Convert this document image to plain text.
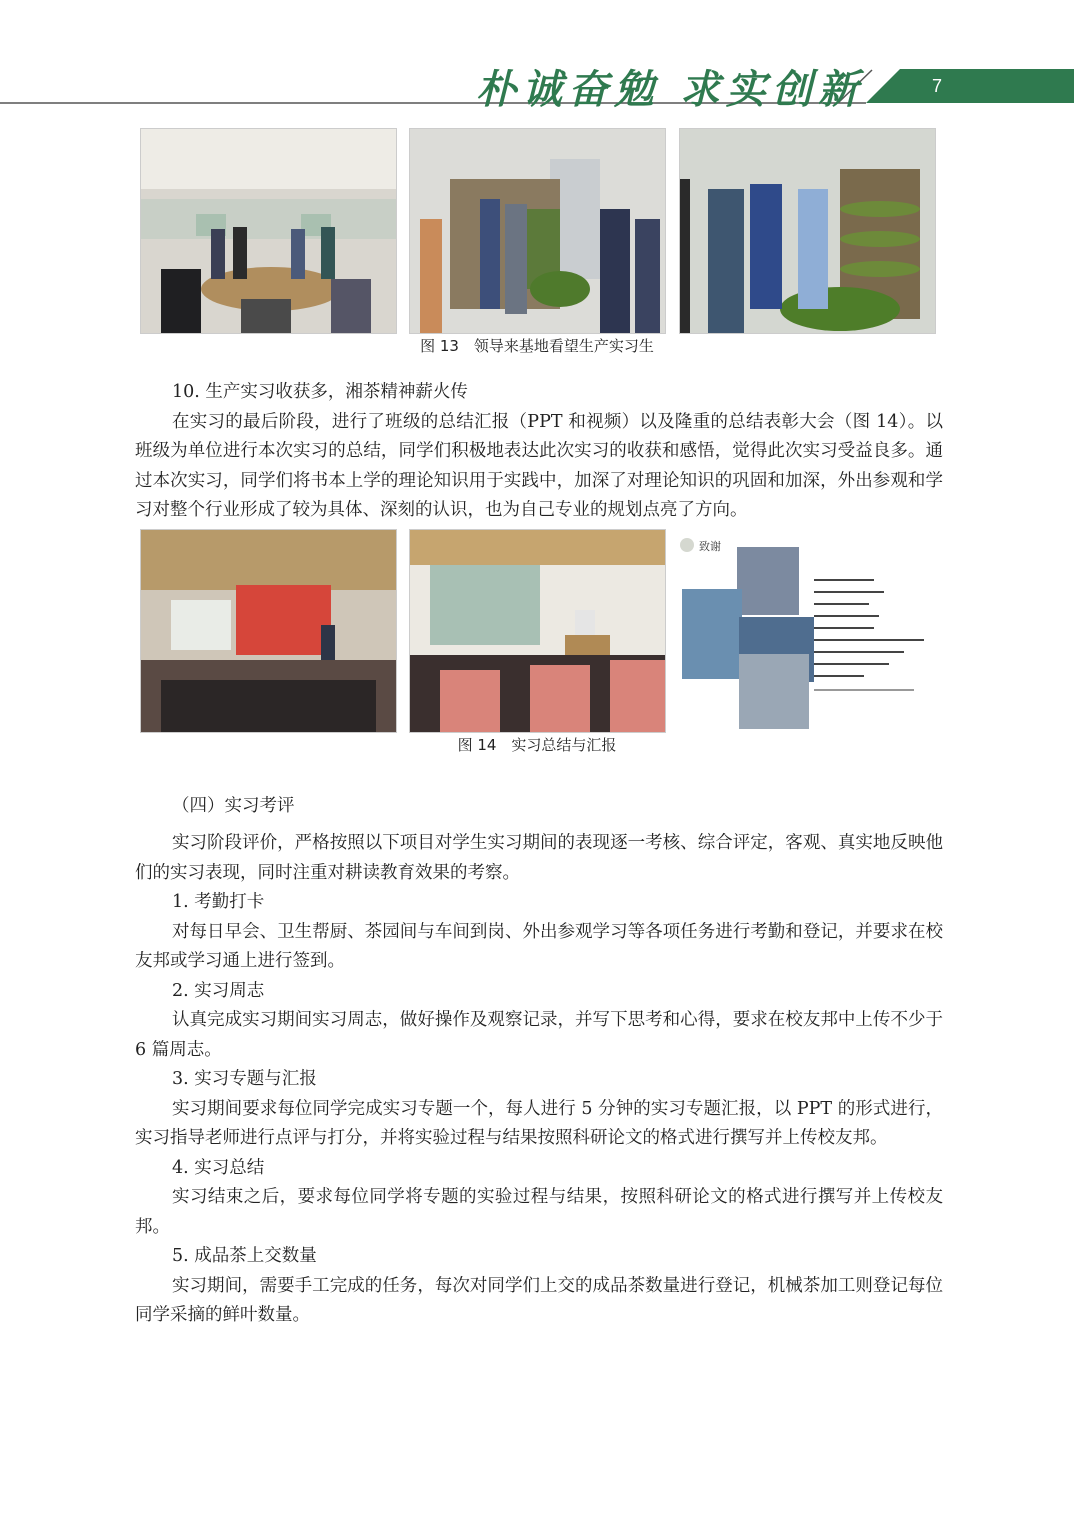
朴诚奋勉 求实创新	7
图 13　领导来基地看望生产实习生

10. 生产实习收获多，湘茶精神薪火传

在实习的最后阶段，进行了班级的总结汇报（PPT 和视频）以及隆重的总结表彰大会（图 14）。以班级为单位进行本次实习的总结，同学们积极地表达此次实习的收获和感悟，觉得此次实习受益良多。通过本次实习，同学们将书本上学的理论知识用于实践中，加深了对理论知识的巩固和加深，外出参观和学习对整个行业形成了较为具体、深刻的认识，也为自己专业的规划点亮了方向。

致谢
图 14　实习总结与汇报
（四）实习考评

实习阶段评价，严格按照以下项目对学生实习期间的表现逐一考核、综合评定，客观、真实地反映他们的实习表现，同时注重对耕读教育效果的考察。

1. 考勤打卡

对每日早会、卫生帮厨、茶园间与车间到岗、外出参观学习等各项任务进行考勤和登记，并要求在校友邦或学习通上进行签到。

2. 实习周志

认真完成实习期间实习周志，做好操作及观察记录，并写下思考和心得，要求在校友邦中上传不少于 6 篇周志。

3. 实习专题与汇报

实习期间要求每位同学完成实习专题一个，每人进行 5 分钟的实习专题汇报，以 PPT 的形式进行，实习指导老师进行点评与打分，并将实验过程与结果按照科研论文的格式进行撰写并上传校友邦。

4. 实习总结

实习结束之后，要求每位同学将专题的实验过程与结果，按照科研论文的格式进行撰写并上传校友邦。

5. 成品茶上交数量

实习期间，需要手工完成的任务，每次对同学们上交的成品茶数量进行登记，机械茶加工则登记每位同学采摘的鲜叶数量。
